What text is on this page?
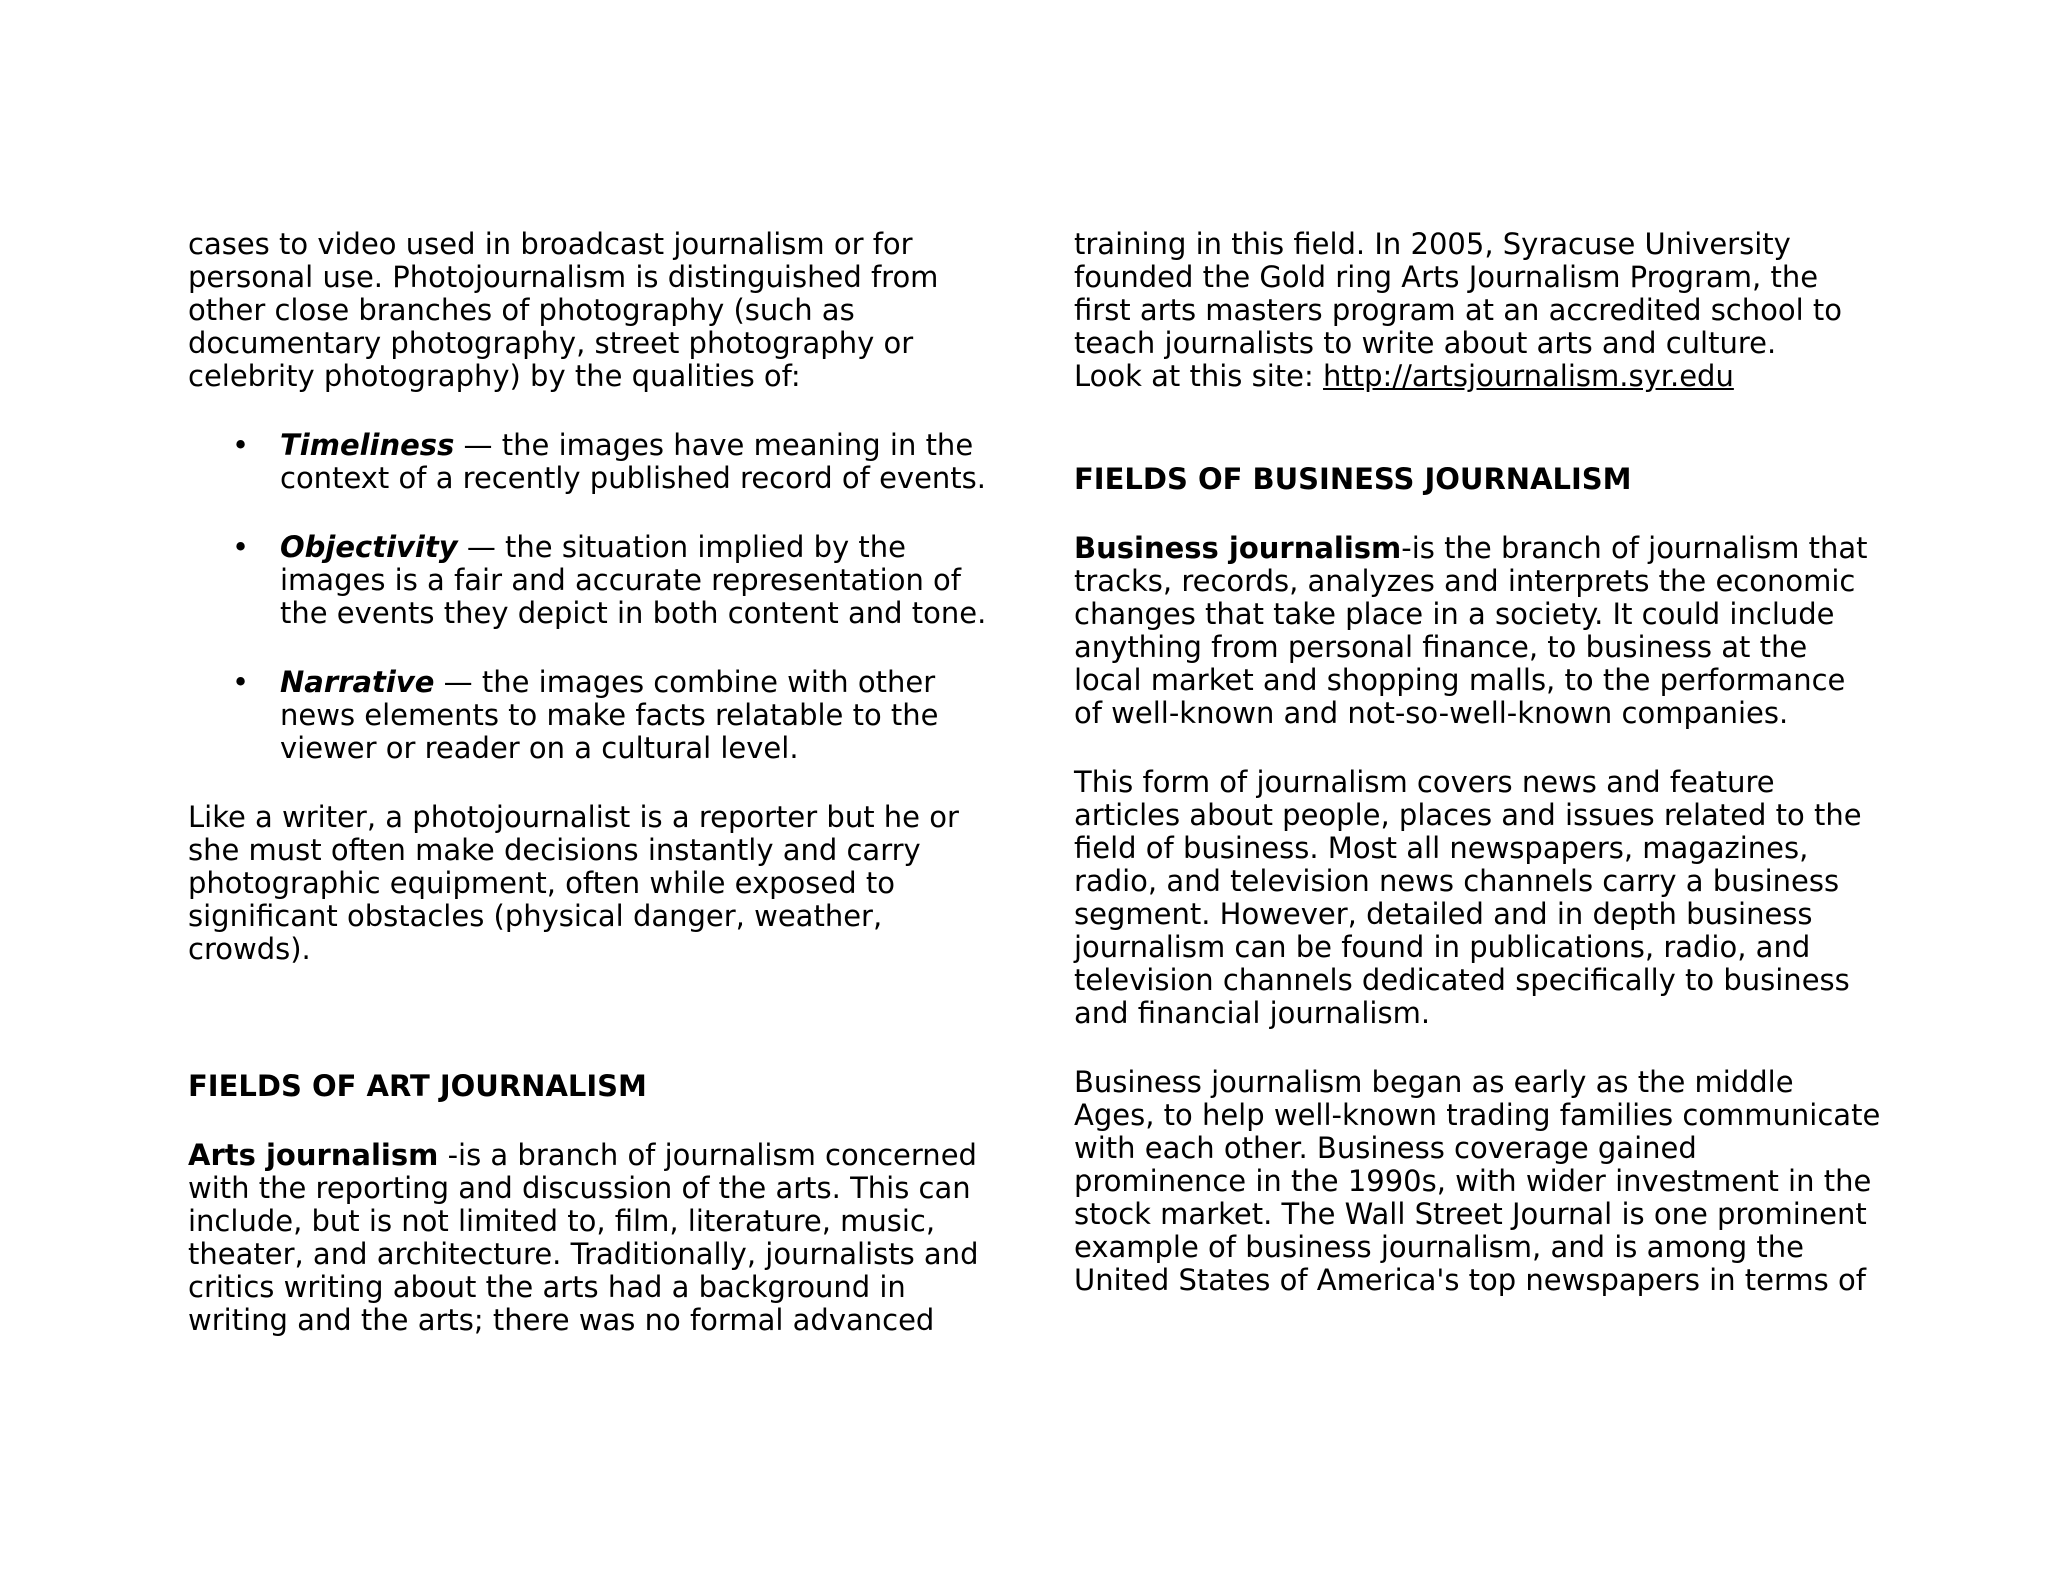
cases to video used in broadcast journalism or for
personal use. Photojournalism is distinguished from
other close branches of photography (such as
documentary photography, street photography or
celebrity photography) by the qualities of:

• Timeliness — the images have meaning in the
context of a recently published record of events.
• Objectivity — the situation implied by the
images is a fair and accurate representation of
the events they depict in both content and tone.
• Narrative — the images combine with other
news elements to make facts relatable to the
viewer or reader on a cultural level.

Like a writer, a photojournalist is a reporter but he or
she must often make decisions instantly and carry
photographic equipment, often while exposed to
significant obstacles (physical danger, weather,
crowds).

FIELDS OF ART JOURNALISM

Arts journalism -is a branch of journalism concerned
with the reporting and discussion of the arts. This can
include, but is not limited to, film, literature, music,
theater, and architecture. Traditionally, journalists and
critics writing about the arts had a background in
writing and the arts; there was no formal advanced

training in this field. In 2005, Syracuse University
founded the Gold ring Arts Journalism Program, the
first arts masters program at an accredited school to
teach journalists to write about arts and culture.
Look at this site: http://artsjournalism.syr.edu

FIELDS OF BUSINESS JOURNALISM

Business journalism-is the branch of journalism that
tracks, records, analyzes and interprets the economic
changes that take place in a society. It could include
anything from personal finance, to business at the
local market and shopping malls, to the performance
of well-known and not-so-well-known companies.

This form of journalism covers news and feature
articles about people, places and issues related to the
field of business. Most all newspapers, magazines,
radio, and television news channels carry a business
segment. However, detailed and in depth business
journalism can be found in publications, radio, and
television channels dedicated specifically to business
and financial journalism.

Business journalism began as early as the middle
Ages, to help well-known trading families communicate
with each other. Business coverage gained
prominence in the 1990s, with wider investment in the
stock market. The Wall Street Journal is one prominent
example of business journalism, and is among the
United States of America's top newspapers in terms of
